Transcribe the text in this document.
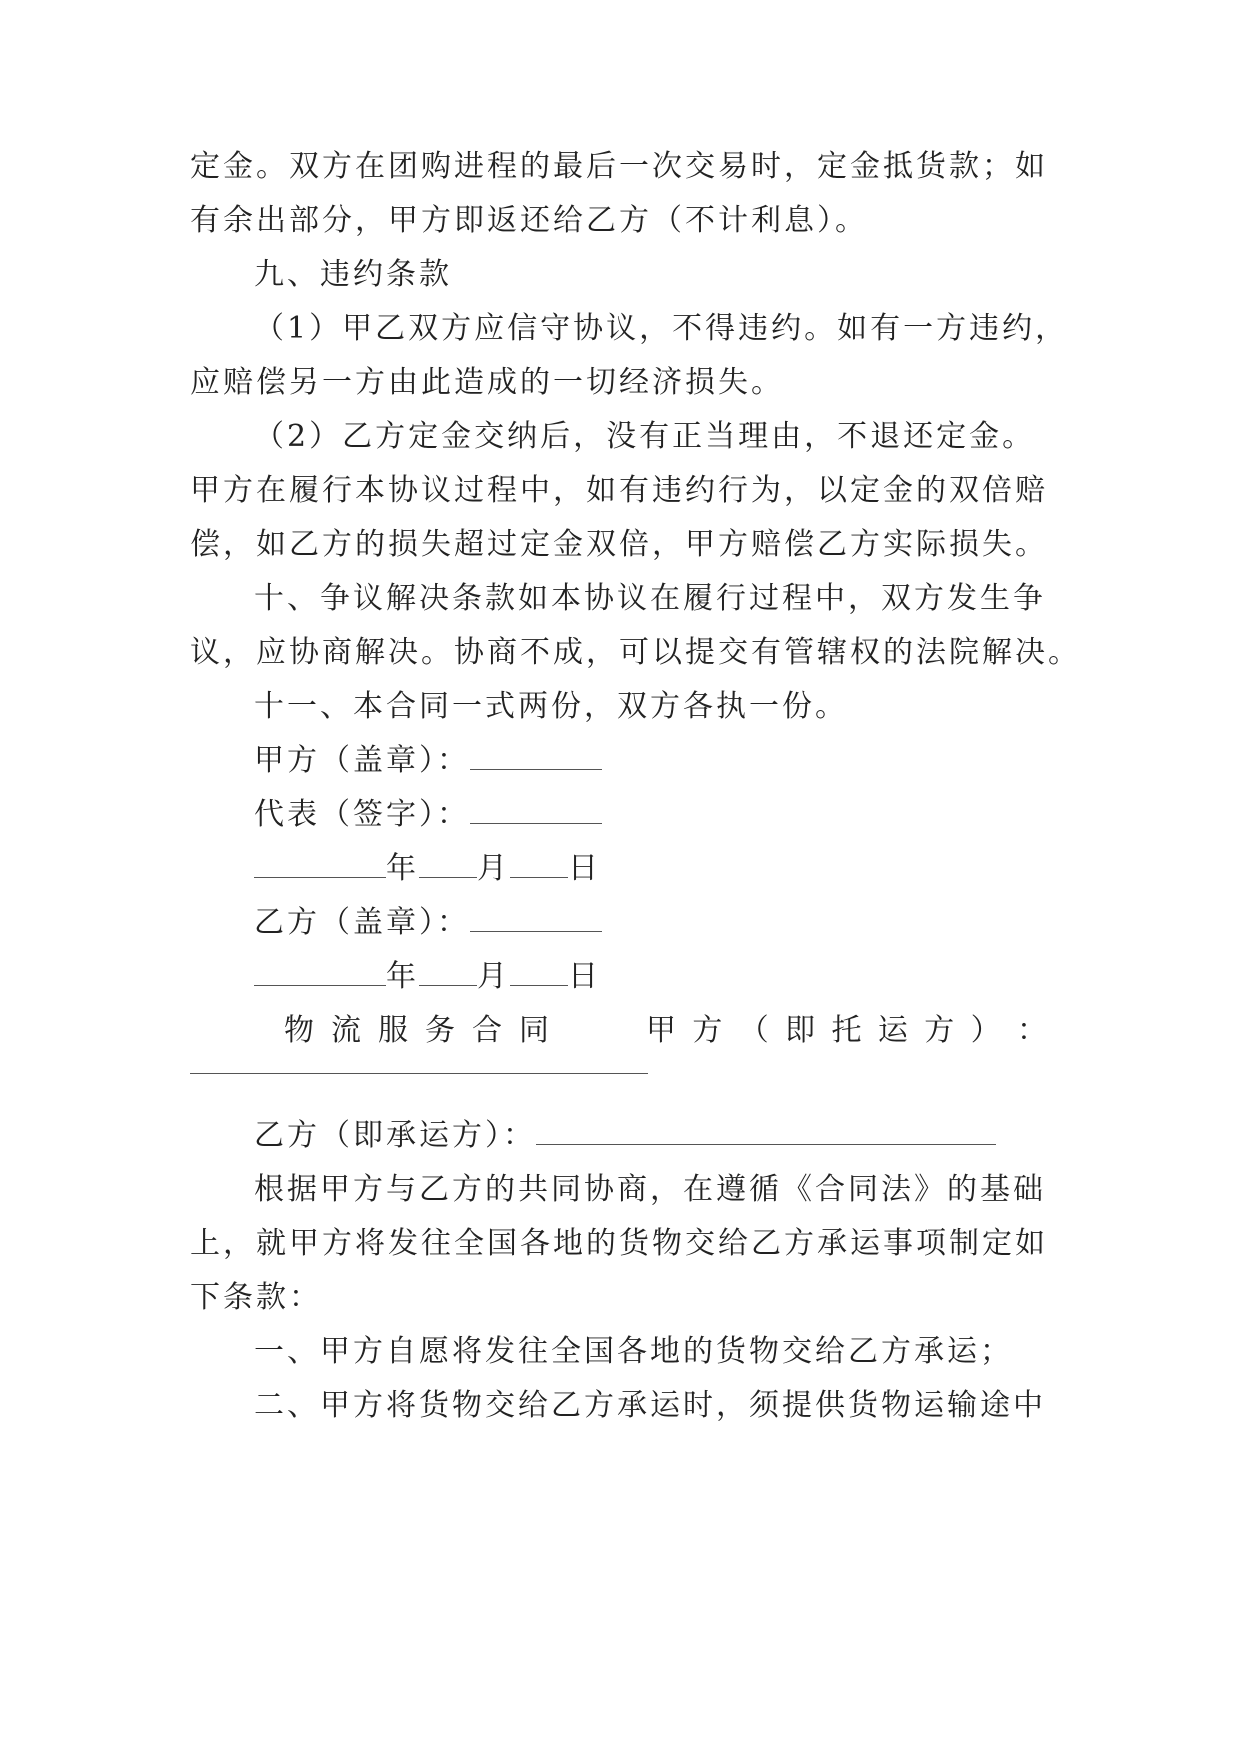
定金。双方在团购进程的最后一次交易时，定金抵货款；如
有余出部分，甲方即返还给乙方（不计利息）。
九、违约条款
（1）甲乙双方应信守协议，不得违约。如有一方违约，
应赔偿另一方由此造成的一切经济损失。
（2）乙方定金交纳后，没有正当理由，不退还定金。
甲方在履行本协议过程中，如有违约行为，以定金的双倍赔
偿，如乙方的损失超过定金双倍，甲方赔偿乙方实际损失。
十、争议解决条款如本协议在履行过程中，双方发生争
议，应协商解决。协商不成，可以提交有管辖权的法院解决。
十一、本合同一式两份，双方各执一份。
甲方（盖章）：
代表（签字）：
年 月 日
乙方（盖章）：
年 月 日
物流服务合同	甲 方 （ 即 托 运 方 ） ：
乙方（即承运方）：
根据甲方与乙方的共同协商，在遵循《合同法》的基础
上，就甲方将发往全国各地的货物交给乙方承运事项制定如
下条款：
一、甲方自愿将发往全国各地的货物交给乙方承运；
二、甲方将货物交给乙方承运时，须提供货物运输途中
